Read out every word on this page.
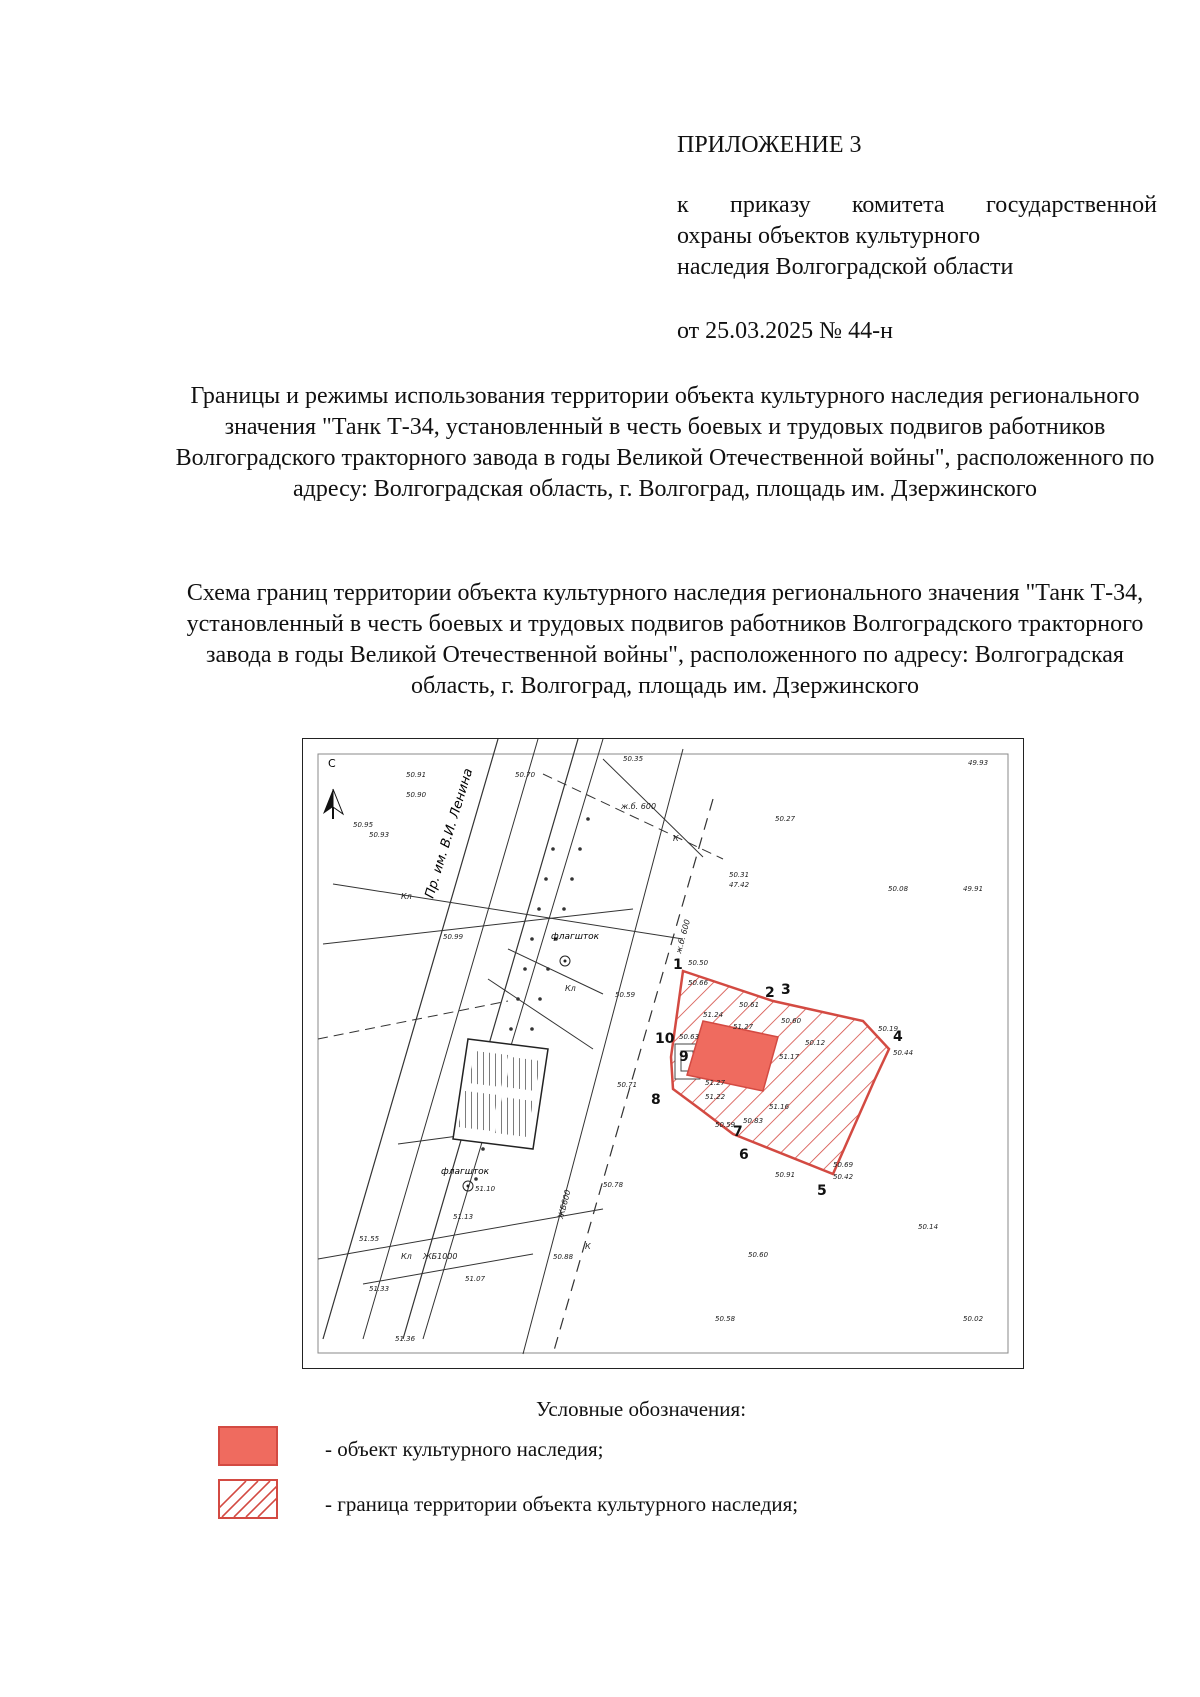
ПРИЛОЖЕНИЕ 3
к приказу комитета государственной
охраны объектов культурного
наследия Волгоградской области
от 25.03.2025 № 44-н
Границы и режимы использования территории объекта культурного наследия регионального значения "Танк Т-34, установленный в честь боевых и трудовых подвигов работников Волгоградского тракторного завода в годы Великой Отечественной войны", расположенного по адресу: Волгоградская область, г. Волгоград, площадь им. Дзержинского
Схема границ территории объекта культурного наследия регионального значения "Танк Т-34, установленный в честь боевых и трудовых подвигов работников Волгоградского тракторного завода в годы Великой Отечественной войны", расположенного по адресу: Волгоградская область, г. Волгоград, площадь им. Дзержинского
С
Пр. им. В.И. Ленина
флагшток
флагшток
1
2 3
4
5
6
7
8
9
10
50.50
50.66
50.61
50.60
50.12
50.19
50.44
50.69
50.42
50.91
50.59 50.83
51.16
51.27
51.22
50.63
51.24
51.17
51.27
50.31
47.42
50.27
50.08	49.91
49.93
50.14
50.60
50.58	50.02
50.78
50.88
51.10
51.13
51.55
51.33
51.36
50.99
50.59
50.71
50.93
50.95
50.91
50.90
50.70
50.35
51.07
Кл
Кл
Кл
К
К
ж.б. 600
ж.б. 600
ЖБ1000
ЖБ600
Условные обозначения:
- объект культурного наследия;
- граница территории объекта культурного наследия;
